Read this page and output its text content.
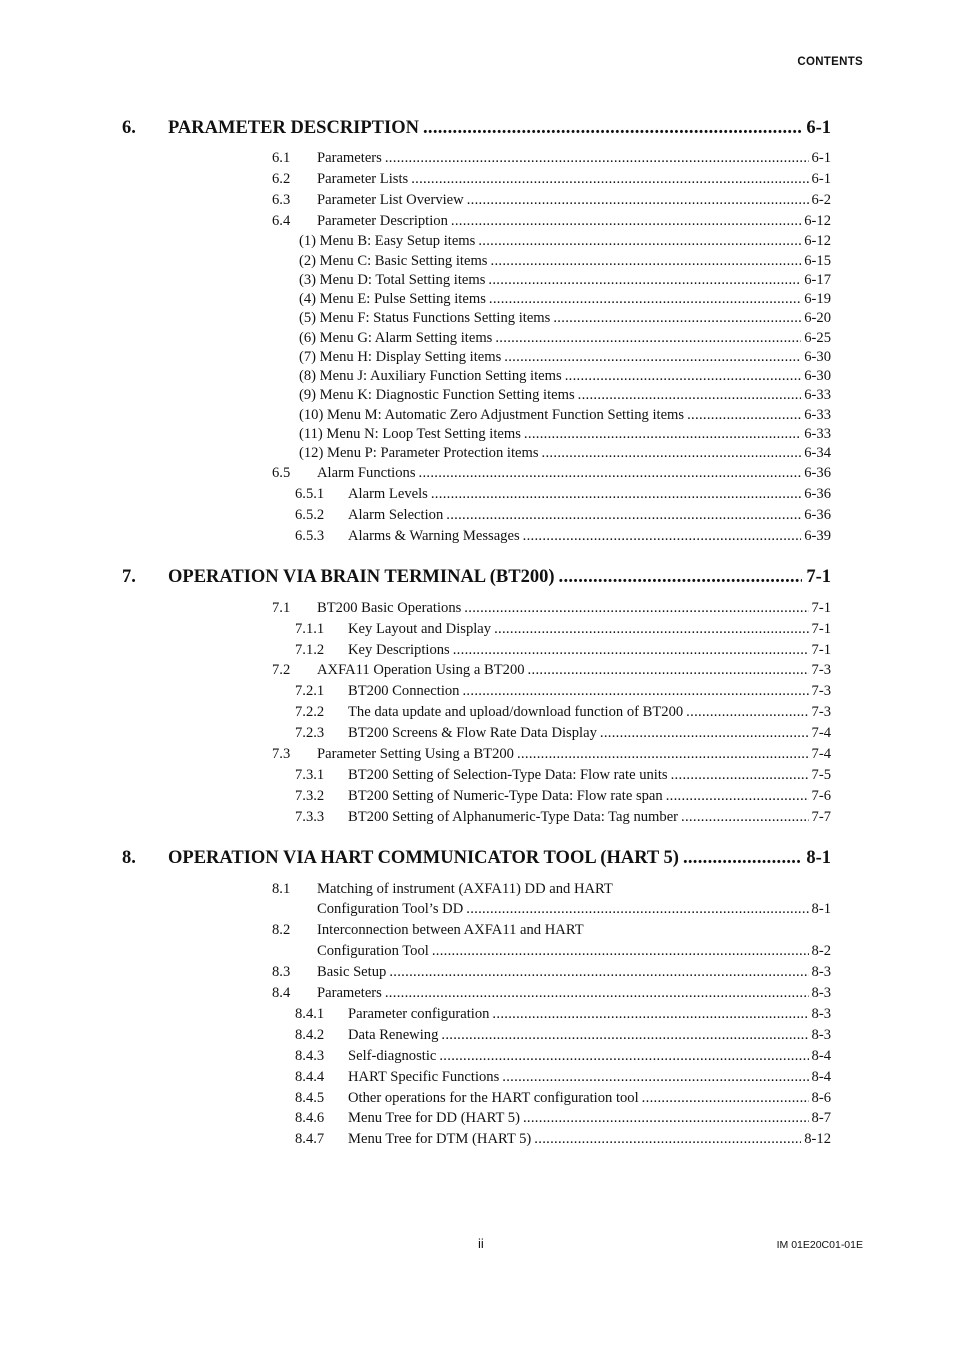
CONTENTS
6.	PARAMETER DESCRIPTION .....	6-1
6.1	Parameters .....	6-1
6.2	Parameter Lists .....	6-1
6.3	Parameter List Overview .....	6-2
6.4	Parameter Description .....	6-12
(1) Menu B: Easy Setup items .....	6-12
(2) Menu C: Basic Setting items .....	6-15
(3) Menu D: Total Setting items .....	6-17
(4) Menu E: Pulse Setting items .....	6-19
(5) Menu F: Status Functions Setting items .....	6-20
(6) Menu G: Alarm Setting items .....	6-25
(7) Menu H: Display Setting items .....	6-30
(8) Menu J: Auxiliary Function Setting items .....	6-30
(9) Menu K: Diagnostic Function Setting items .....	6-33
(10) Menu M: Automatic Zero Adjustment Function Setting items .....	6-33
(11) Menu N: Loop Test Setting items .....	6-33
(12) Menu P: Parameter Protection items .....	6-34
6.5	Alarm Functions .....	6-36
6.5.1	Alarm Levels .....	6-36
6.5.2	Alarm Selection .....	6-36
6.5.3	Alarms & Warning Messages .....	6-39
7.	OPERATION VIA BRAIN TERMINAL (BT200) .....	7-1
7.1	BT200 Basic Operations .....	7-1
7.1.1	Key Layout and Display .....	7-1
7.1.2	Key Descriptions .....	7-1
7.2	AXFA11 Operation Using a BT200 .....	7-3
7.2.1	BT200 Connection .....	7-3
7.2.2	The data update and upload/download function of BT200 .....	7-3
7.2.3	BT200 Screens & Flow Rate Data Display .....	7-4
7.3	Parameter Setting Using a BT200 .....	7-4
7.3.1	BT200 Setting of Selection-Type Data: Flow rate units .....	7-5
7.3.2	BT200 Setting of Numeric-Type Data: Flow rate span .....	7-6
7.3.3	BT200 Setting of Alphanumeric-Type Data: Tag number .....	7-7
8.	OPERATION VIA HART COMMUNICATOR TOOL (HART 5) .....	8-1
8.1	Matching of instrument (AXFA11) DD and HART
Configuration Tool’s DD .....	8-1
8.2	Interconnection between AXFA11 and HART
Configuration Tool .....	8-2
8.3	Basic Setup .....	8-3
8.4	Parameters .....	8-3
8.4.1	Parameter configuration .....	8-3
8.4.2	Data Renewing .....	8-3
8.4.3	Self-diagnostic .....	8-4
8.4.4	HART Specific Functions .....	8-4
8.4.5	Other operations for the HART configuration tool .....	8-6
8.4.6	Menu Tree for DD (HART 5) .....	8-7
8.4.7	Menu Tree for DTM (HART 5) .....	8-12
ii	IM 01E20C01-01E
